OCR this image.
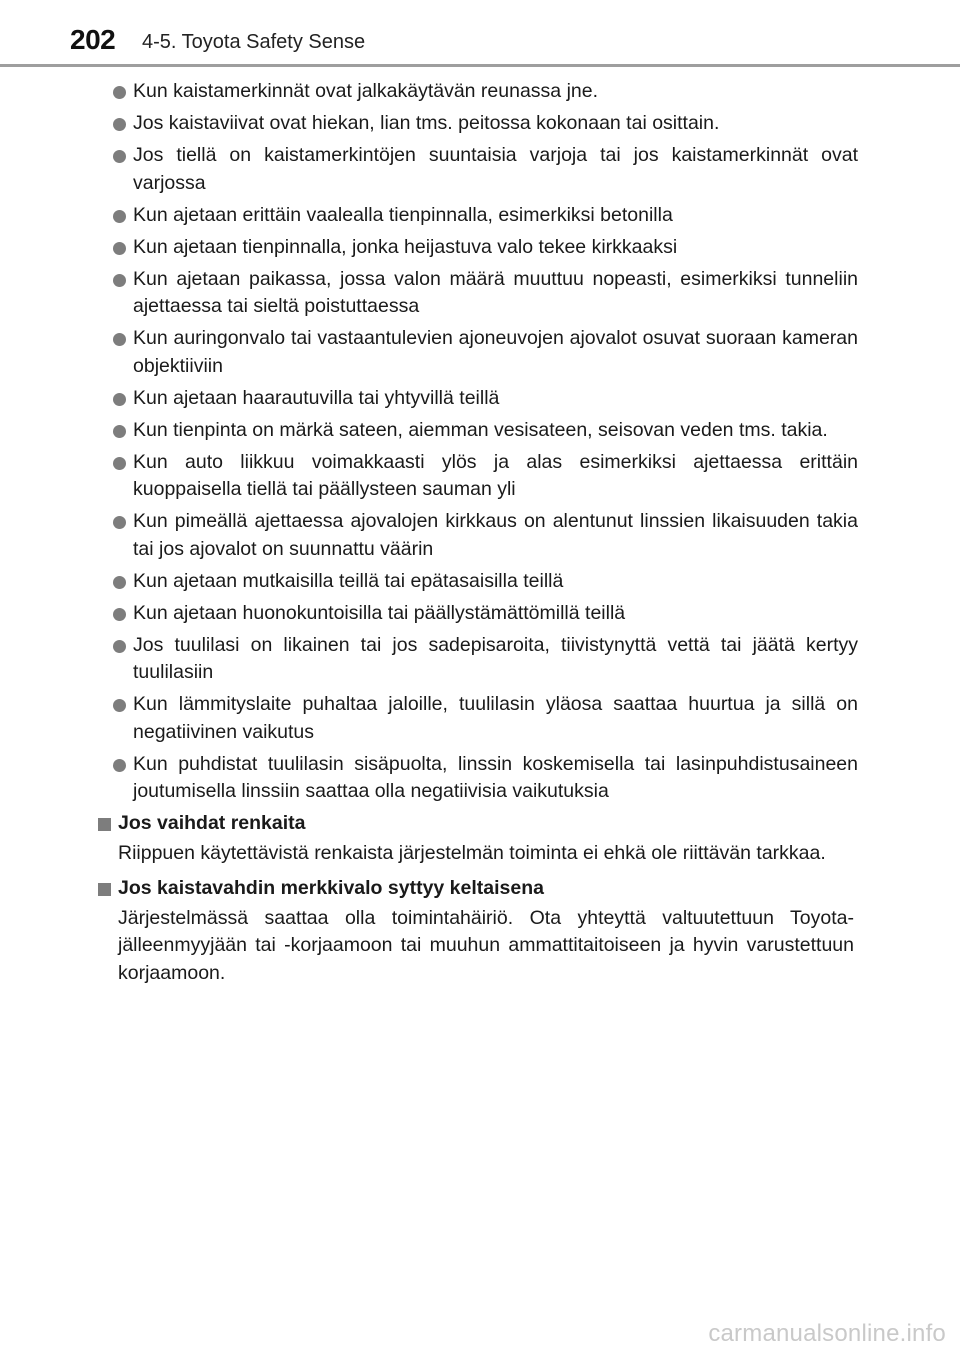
202 4-5. Toyota Safety Sense
Kun kaistamerkinnät ovat jalkakäytävän reunassa jne.
Jos kaistaviivat ovat hiekan, lian tms. peitossa kokonaan tai osittain.
Jos tiellä on kaistamerkintöjen suuntaisia varjoja tai jos kaistamerkinnät ovat varjossa
Kun ajetaan erittäin vaalealla tienpinnalla, esimerkiksi betonilla
Kun ajetaan tienpinnalla, jonka heijastuva valo tekee kirkkaaksi
Kun ajetaan paikassa, jossa valon määrä muuttuu nopeasti, esimerkiksi tunneliin ajettaessa tai sieltä poistuttaessa
Kun auringonvalo tai vastaantulevien ajoneuvojen ajovalot osuvat suoraan kameran objektiiviin
Kun ajetaan haarautuvilla tai yhtyvillä teillä
Kun tienpinta on märkä sateen, aiemman vesisateen, seisovan veden tms. takia.
Kun auto liikkuu voimakkaasti ylös ja alas esimerkiksi ajettaessa erittäin kuoppaisella tiellä tai päällysteen sauman yli
Kun pimeällä ajettaessa ajovalojen kirkkaus on alentunut linssien likaisuuden takia tai jos ajovalot on suunnattu väärin
Kun ajetaan mutkaisilla teillä tai epätasaisilla teillä
Kun ajetaan huonokuntoisilla tai päällystämättömillä teillä
Jos tuulilasi on likainen tai jos sadepisaroita, tiivistynyttä vettä tai jäätä kertyy tuulilasiin
Kun lämmityslaite puhaltaa jaloille, tuulilasin yläosa saattaa huurtua ja sillä on negatiivinen vaikutus
Kun puhdistat tuulilasin sisäpuolta, linssin koskemisella tai lasinpuhdistusaineen joutumisella linssiin saattaa olla negatiivisia vaikutuksia
Jos vaihdat renkaita
Riippuen käytettävistä renkaista järjestelmän toiminta ei ehkä ole riittävän tarkkaa.
Jos kaistavahdin merkkivalo syttyy keltaisena
Järjestelmässä saattaa olla toimintahäiriö. Ota yhteyttä valtuutettuun Toyota-jälleenmyyjään tai -korjaamoon tai muuhun ammattitaitoiseen ja hyvin varustettuun korjaamoon.
carmanualsonline.info
